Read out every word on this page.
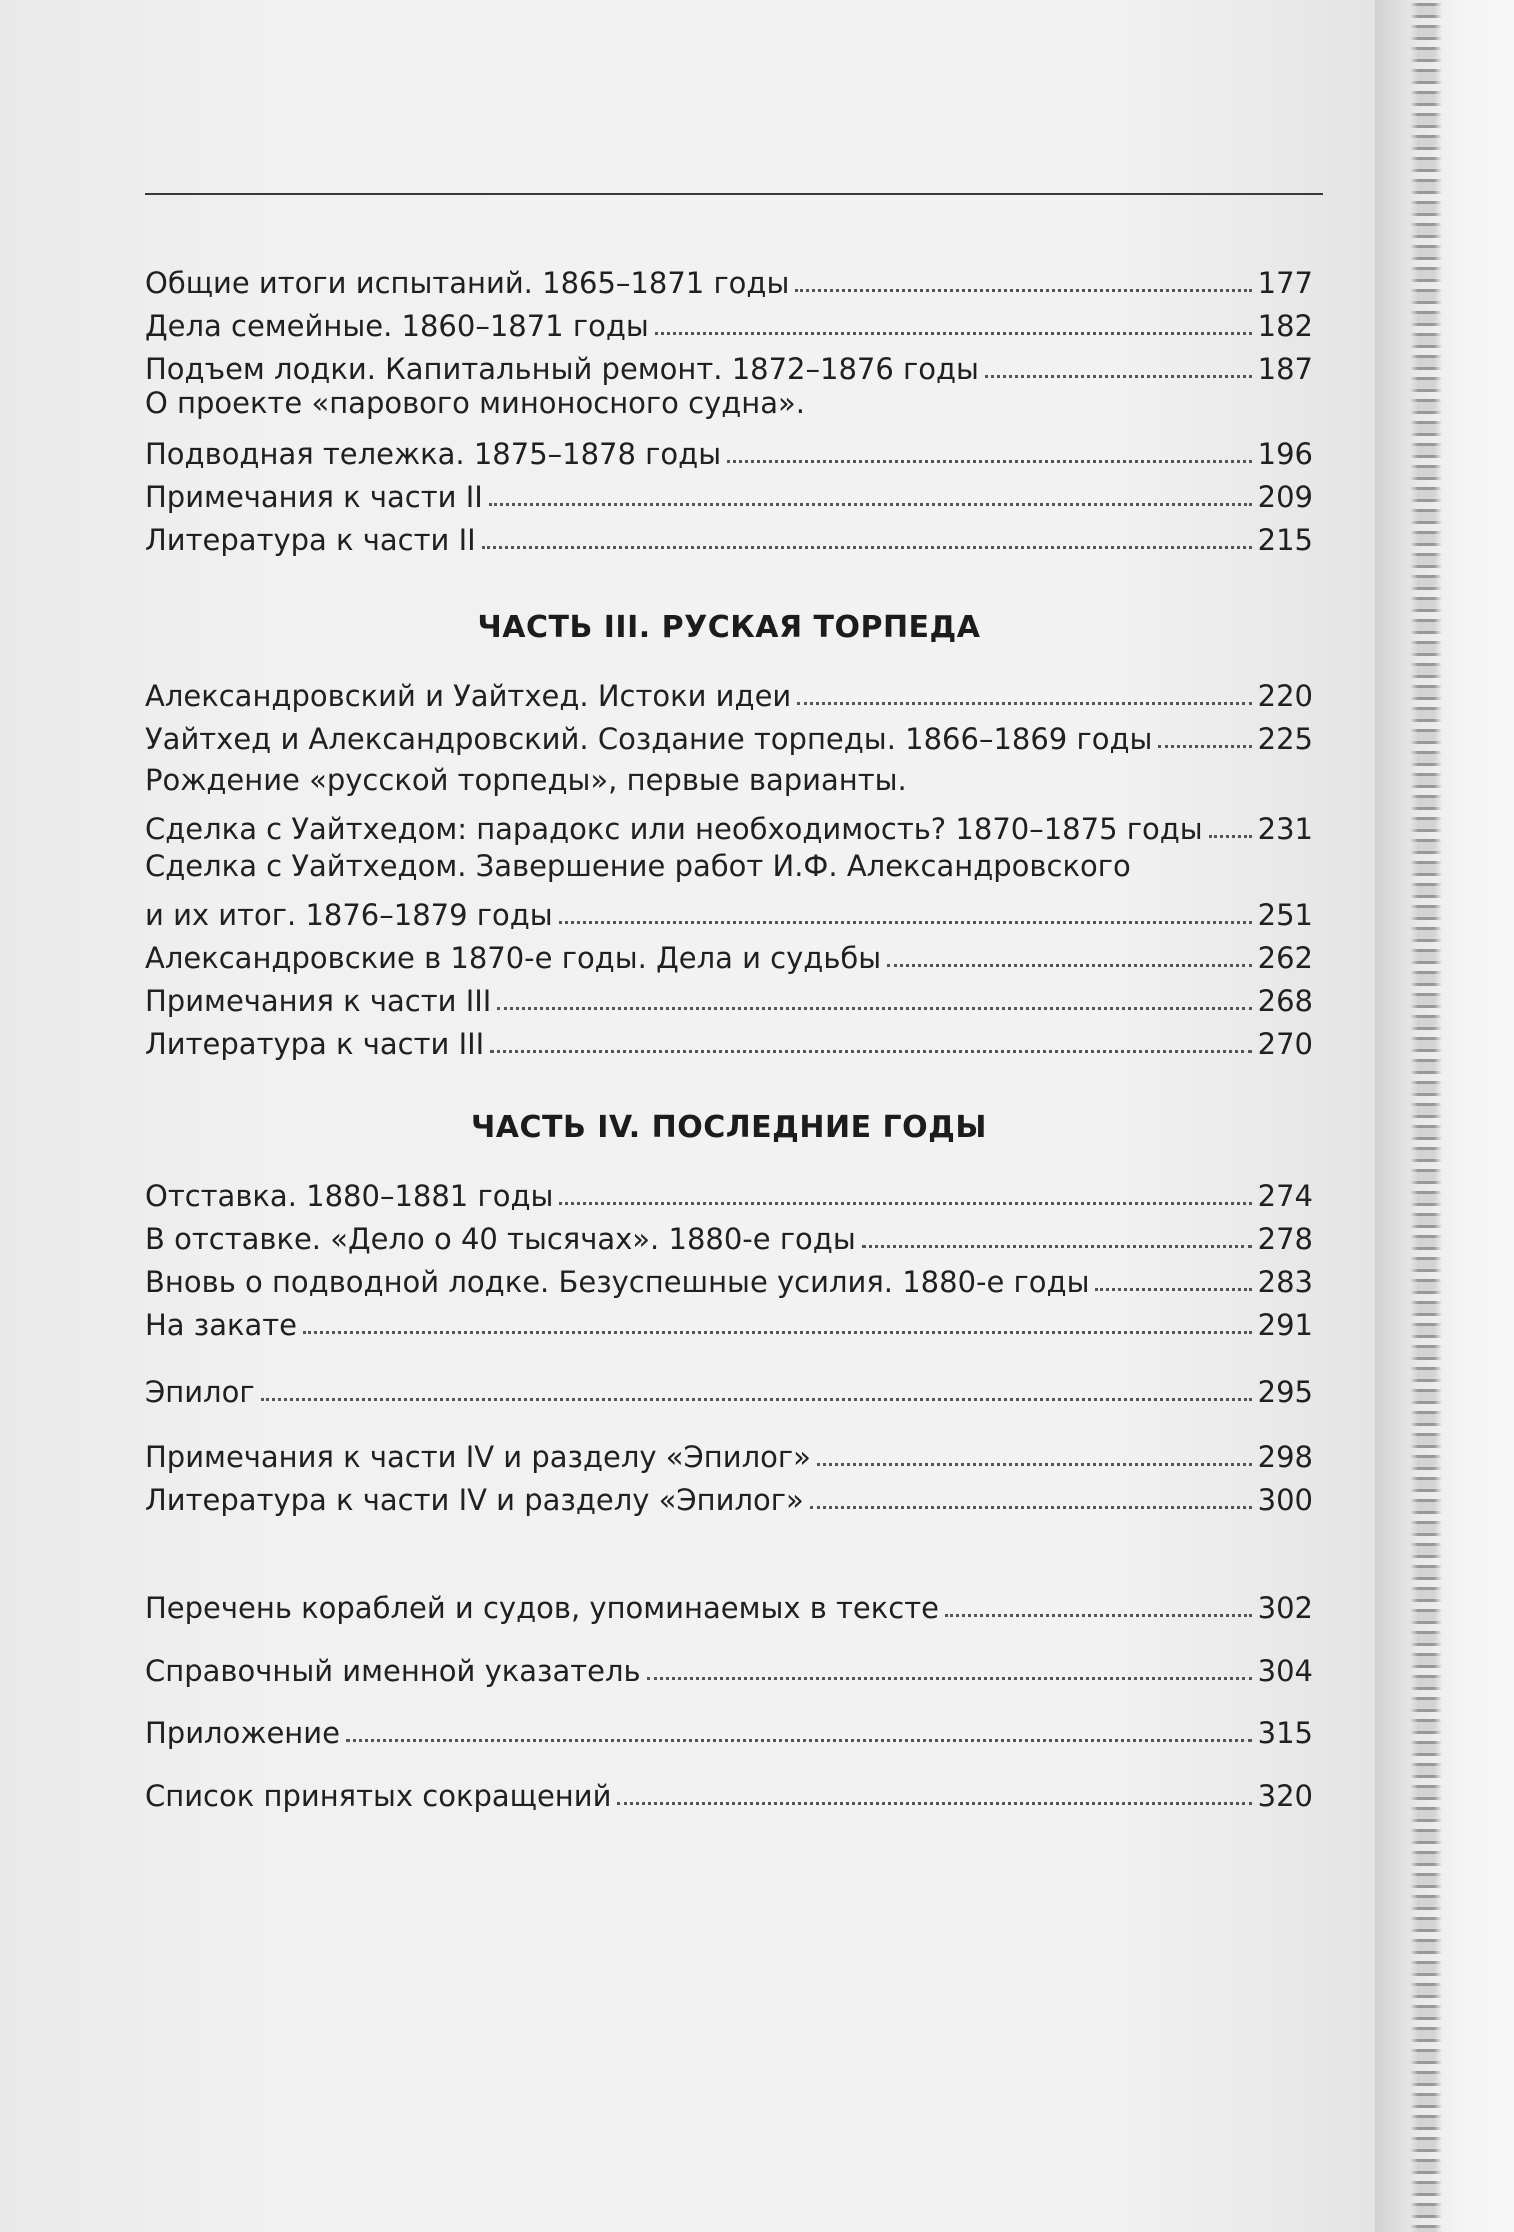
Общие итоги испытаний. 1865–1871 годы	177
Дела семейные. 1860–1871 годы	182
Подъем лодки. Капитальный ремонт. 1872–1876 годы	187
О проекте «парового миноносного судна».
Подводная тележка. 1875–1878 годы	196
Примечания к части II	209
Литература к части II	215
ЧАСТЬ III. РУСКАЯ ТОРПЕДА
Александровский и Уайтхед. Истоки идеи	220
Уайтхед и Александровский. Создание торпеды. 1866–1869 годы	225
Рождение «русской торпеды», первые варианты.
Сделка с Уайтхедом: парадокс или необходимость? 1870–1875 годы 231
Сделка с Уайтхедом. Завершение работ И.Ф. Александровского
и их итог. 1876–1879 годы	251
Александровские в 1870-е годы. Дела и судьбы	262
Примечания к части III	268
Литература к части III	270
ЧАСТЬ IV. ПОСЛЕДНИЕ ГОДЫ
Отставка. 1880–1881 годы	274
В отставке. «Дело о 40 тысячах». 1880-е годы	278
Вновь о подводной лодке. Безуспешные усилия. 1880-е годы	283
На закате	291
Эпилог	295
Примечания к части IV и разделу «Эпилог»	298
Литература к части IV и разделу «Эпилог»	300
Перечень кораблей и судов, упоминаемых в тексте	302
Справочный именной указатель	304
Приложение	315
Список принятых сокращений	320
